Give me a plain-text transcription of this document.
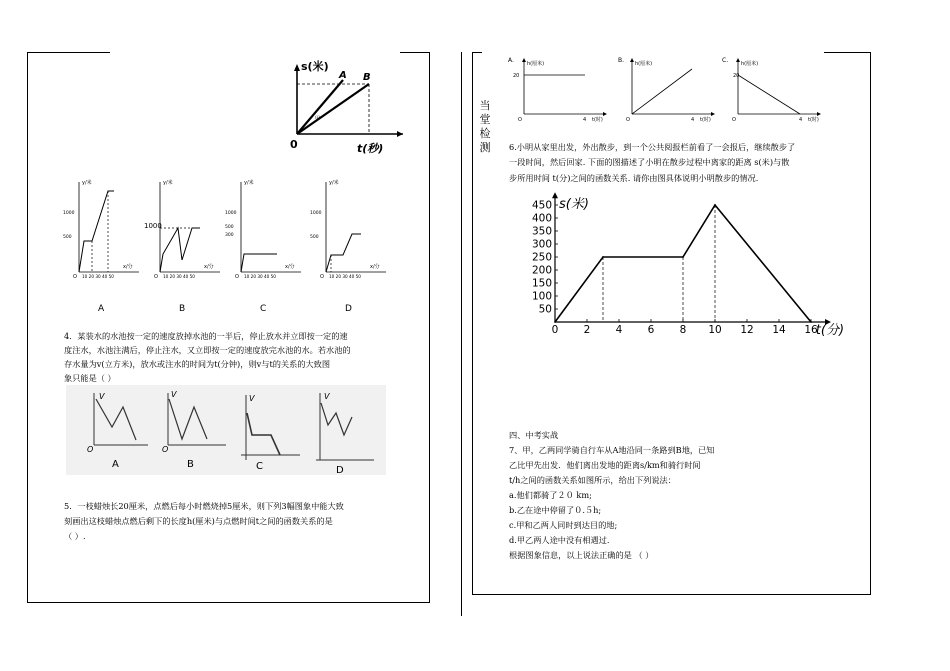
s(米)
A B
甲
0	t(秒)
y/米
x/分
O 10 20 30 40 50
1000
500
A
y/米
x/分
O 10 20 30 40 50
1000
B
y/米
x/分
O 10 20 30 40 50
1000
500
300
C
y/米
x/分
O 10 20 30 40 50
1000
500
D
4．某装水的水池按一定的速度放掉水池的一半后，停止放水并立即按一定的速
度注水，水池注满后，停止注水，又立即按一定的速度放完水池的水。若水池的
存水量为v(立方米)，放水或注水的时间为t(分钟)，则v与t的关系的大致图
象只能是（ ）
V
O
A
V
O
B
V
C
V
D
5．一枝蜡烛长20厘米，点燃后每小时燃烧掉5厘米，则下列3幅图象中能大致
刻画出这枝蜡烛点燃后剩下的长度h(厘米)与点燃时间t之间的函数关系的是
（ ）.
当
堂
检
测
A.	h(厘米)
20
O	4 t(时)
B. h(厘米)
O	4 t(时)
C.	h(厘米)
20
O	4 t(时)
6.小明从家里出发，外出散步，到一个公共阅报栏前看了一会报后，继续散步了
一段时间，然后回家. 下面的图描述了小明在散步过程中离家的距离 s(米)与散
步所用时间 t(分)之间的函数关系. 请你由图具体说明小明散步的情况.
50
100
150
200
250
300
350
400
450
0 2 4 6 8 10 12 14 16
s(米)
t(分)
四、中考实战
7、甲，乙两同学骑自行车从A地沿同一条路到B地，已知
乙比甲先出发．他们离出发地的距离s/km和骑行时间
t/h之间的函数关系如图所示，给出下列说法：
a.他们都骑了２０ km;
b.乙在途中停留了０.５h;
c.甲和乙两人同时到达目的地;
d.甲乙两人途中没有相遇过.
根据图象信息，以上说法正确的是 （ ）
